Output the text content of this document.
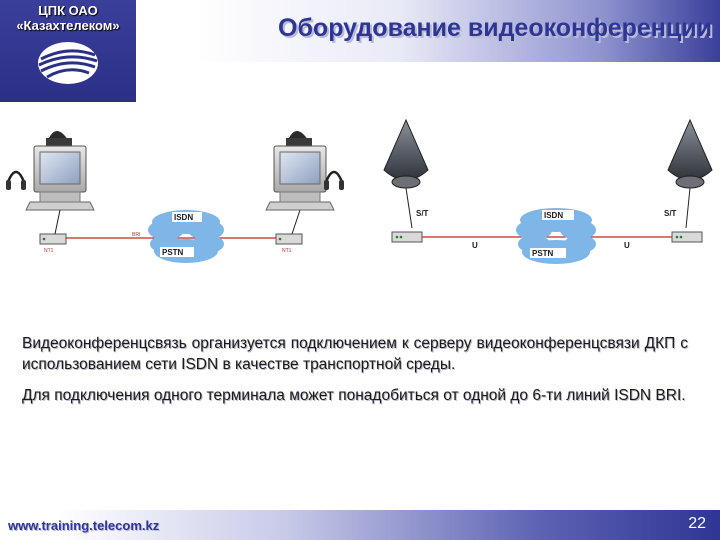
ЦПК ОАО
«Казахтелеком»	Оборудование видеоконференции
NT1	NT1
BRI
ISDN
PSTN
S/T	S/T
U	U
ISDN
PSTN

Видеоконференцсвязь организуется подключением к серверу видеоконференцсвязи ДКП с использованием сети ISDN в качестве транспортной среды.

Для подключения одного терминала может понадобиться от одной до 6-ти линий ISDN BRI.

www.training.telecom.kz	22
